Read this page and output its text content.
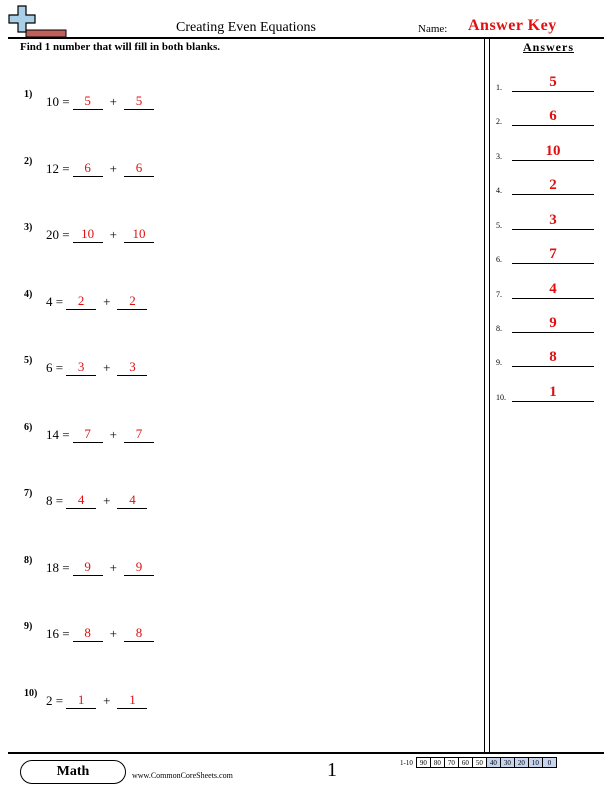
Creating Even Equations	Name: Answer Key
Find 1 number that will fill in both blanks.
1)	10 =	5	+	5
2)	12 =	6	+	6
3)	20 = 10	+	10
4)	4 =	2	+	2
5)	6 =	3	+	3
6)	14 =	7	+	7
7)	8 =	4	+	4
8)	18 =	9	+	9
9)	16 =	8	+	8
10) 2 =	1	+	1
Answers
1.	5
2.	6
3.	10
4.	2
5.	3
6.	7
7.	4
8.	9
9.	8
10.	1
Math	www.CommonCoreSheets.com	1	1-10	90	80	70	60	50	40	30	20	10	0
